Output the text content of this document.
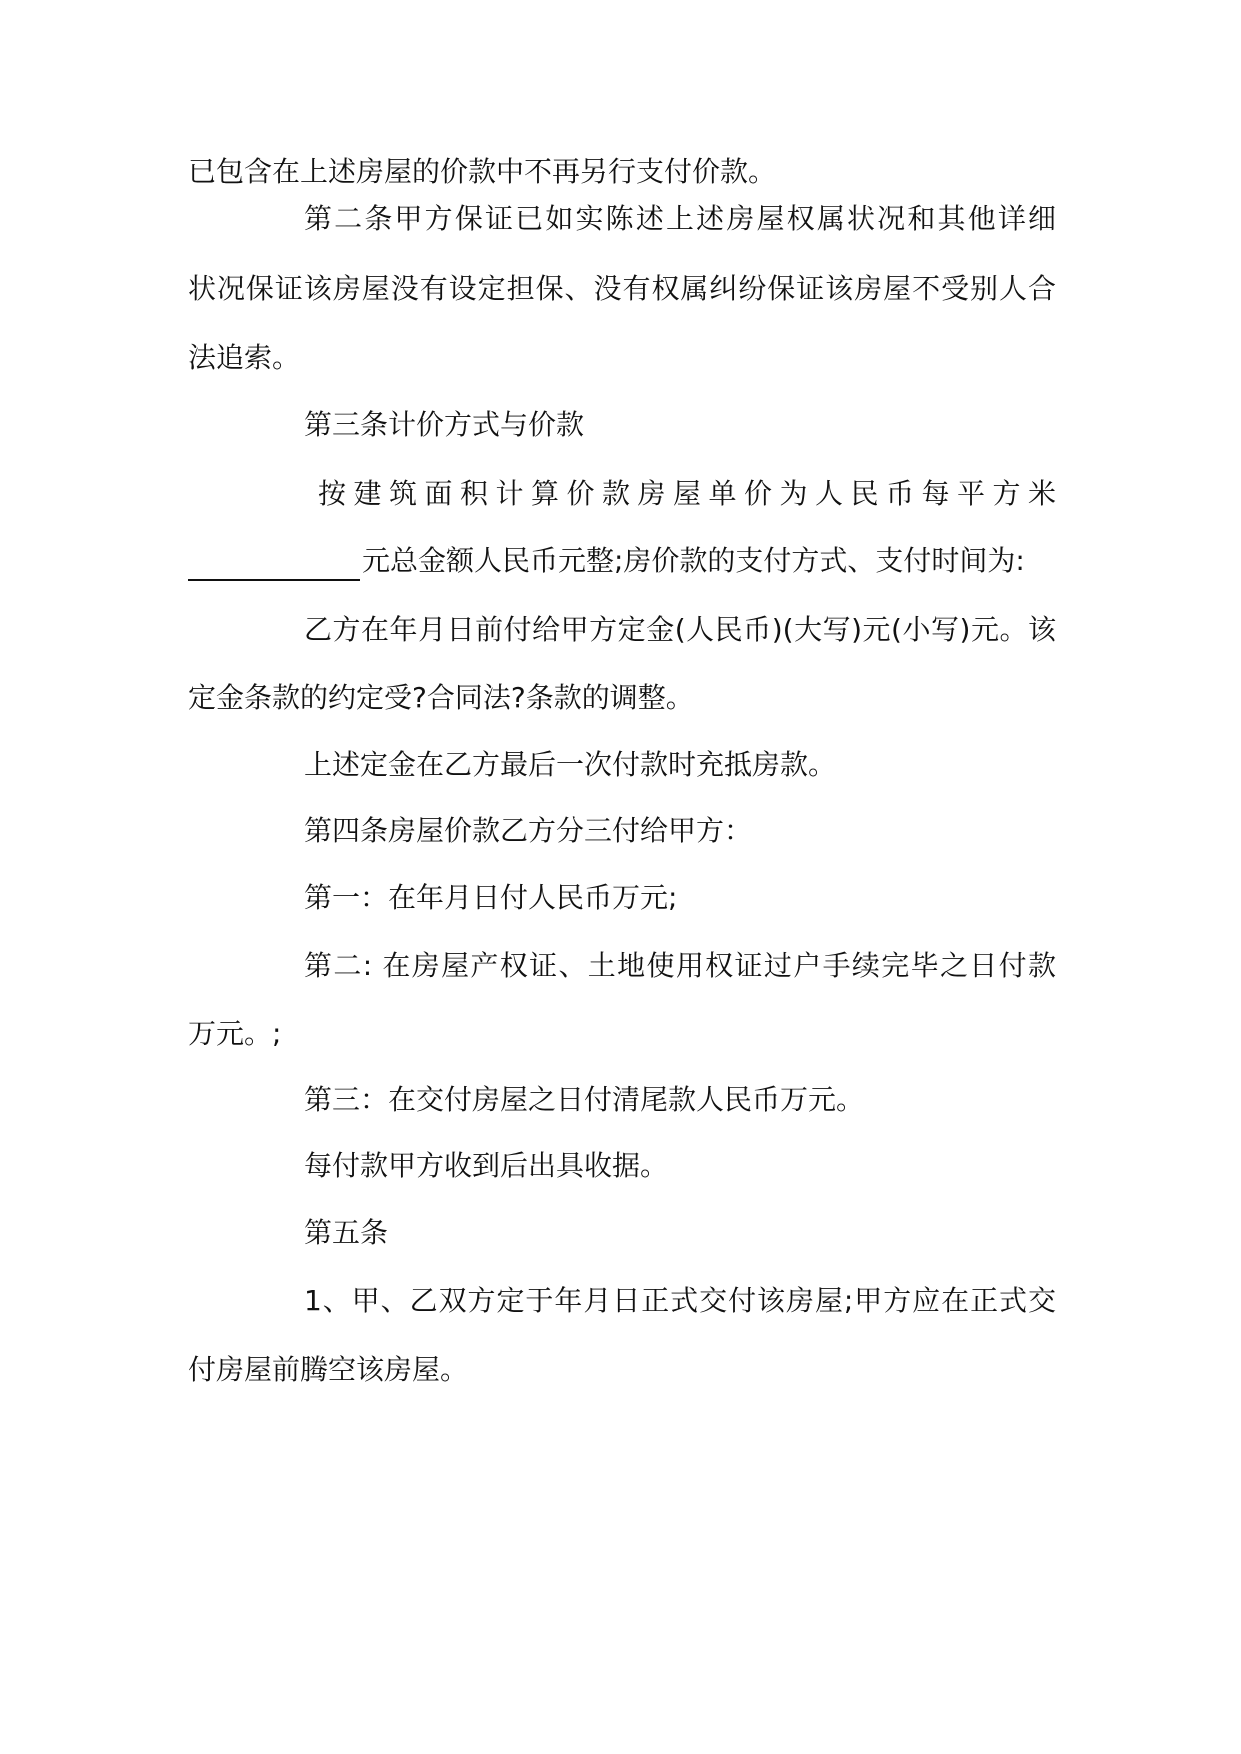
已包含在上述房屋的价款中不再另行支付价款。
第二条甲方保证已如实陈述上述房屋权属状况和其他详细
状况保证该房屋没有设定担保、没有权属纠纷保证该房屋不受别人合
法追索。
第三条计价方式与价款
按建筑面积计算价款房屋单价为人民币每平方米
元总金额人民币元整;房价款的支付方式、支付时间为:
乙方在年月日前付给甲方定金(人民币)(大写)元(小写)元。该
定金条款的约定受?合同法?条款的调整。
上述定金在乙方最后一次付款时充抵房款。
第四条房屋价款乙方分三付给甲方：
第一：在年月日付人民币万元;
第二: 在房屋产权证、土地使用权证过户手续完毕之日付款
万元。;
第三：在交付房屋之日付清尾款人民币万元。
每付款甲方收到后出具收据。
第五条
1、甲、乙双方定于年月日正式交付该房屋;甲方应在正式交
付房屋前腾空该房屋。
